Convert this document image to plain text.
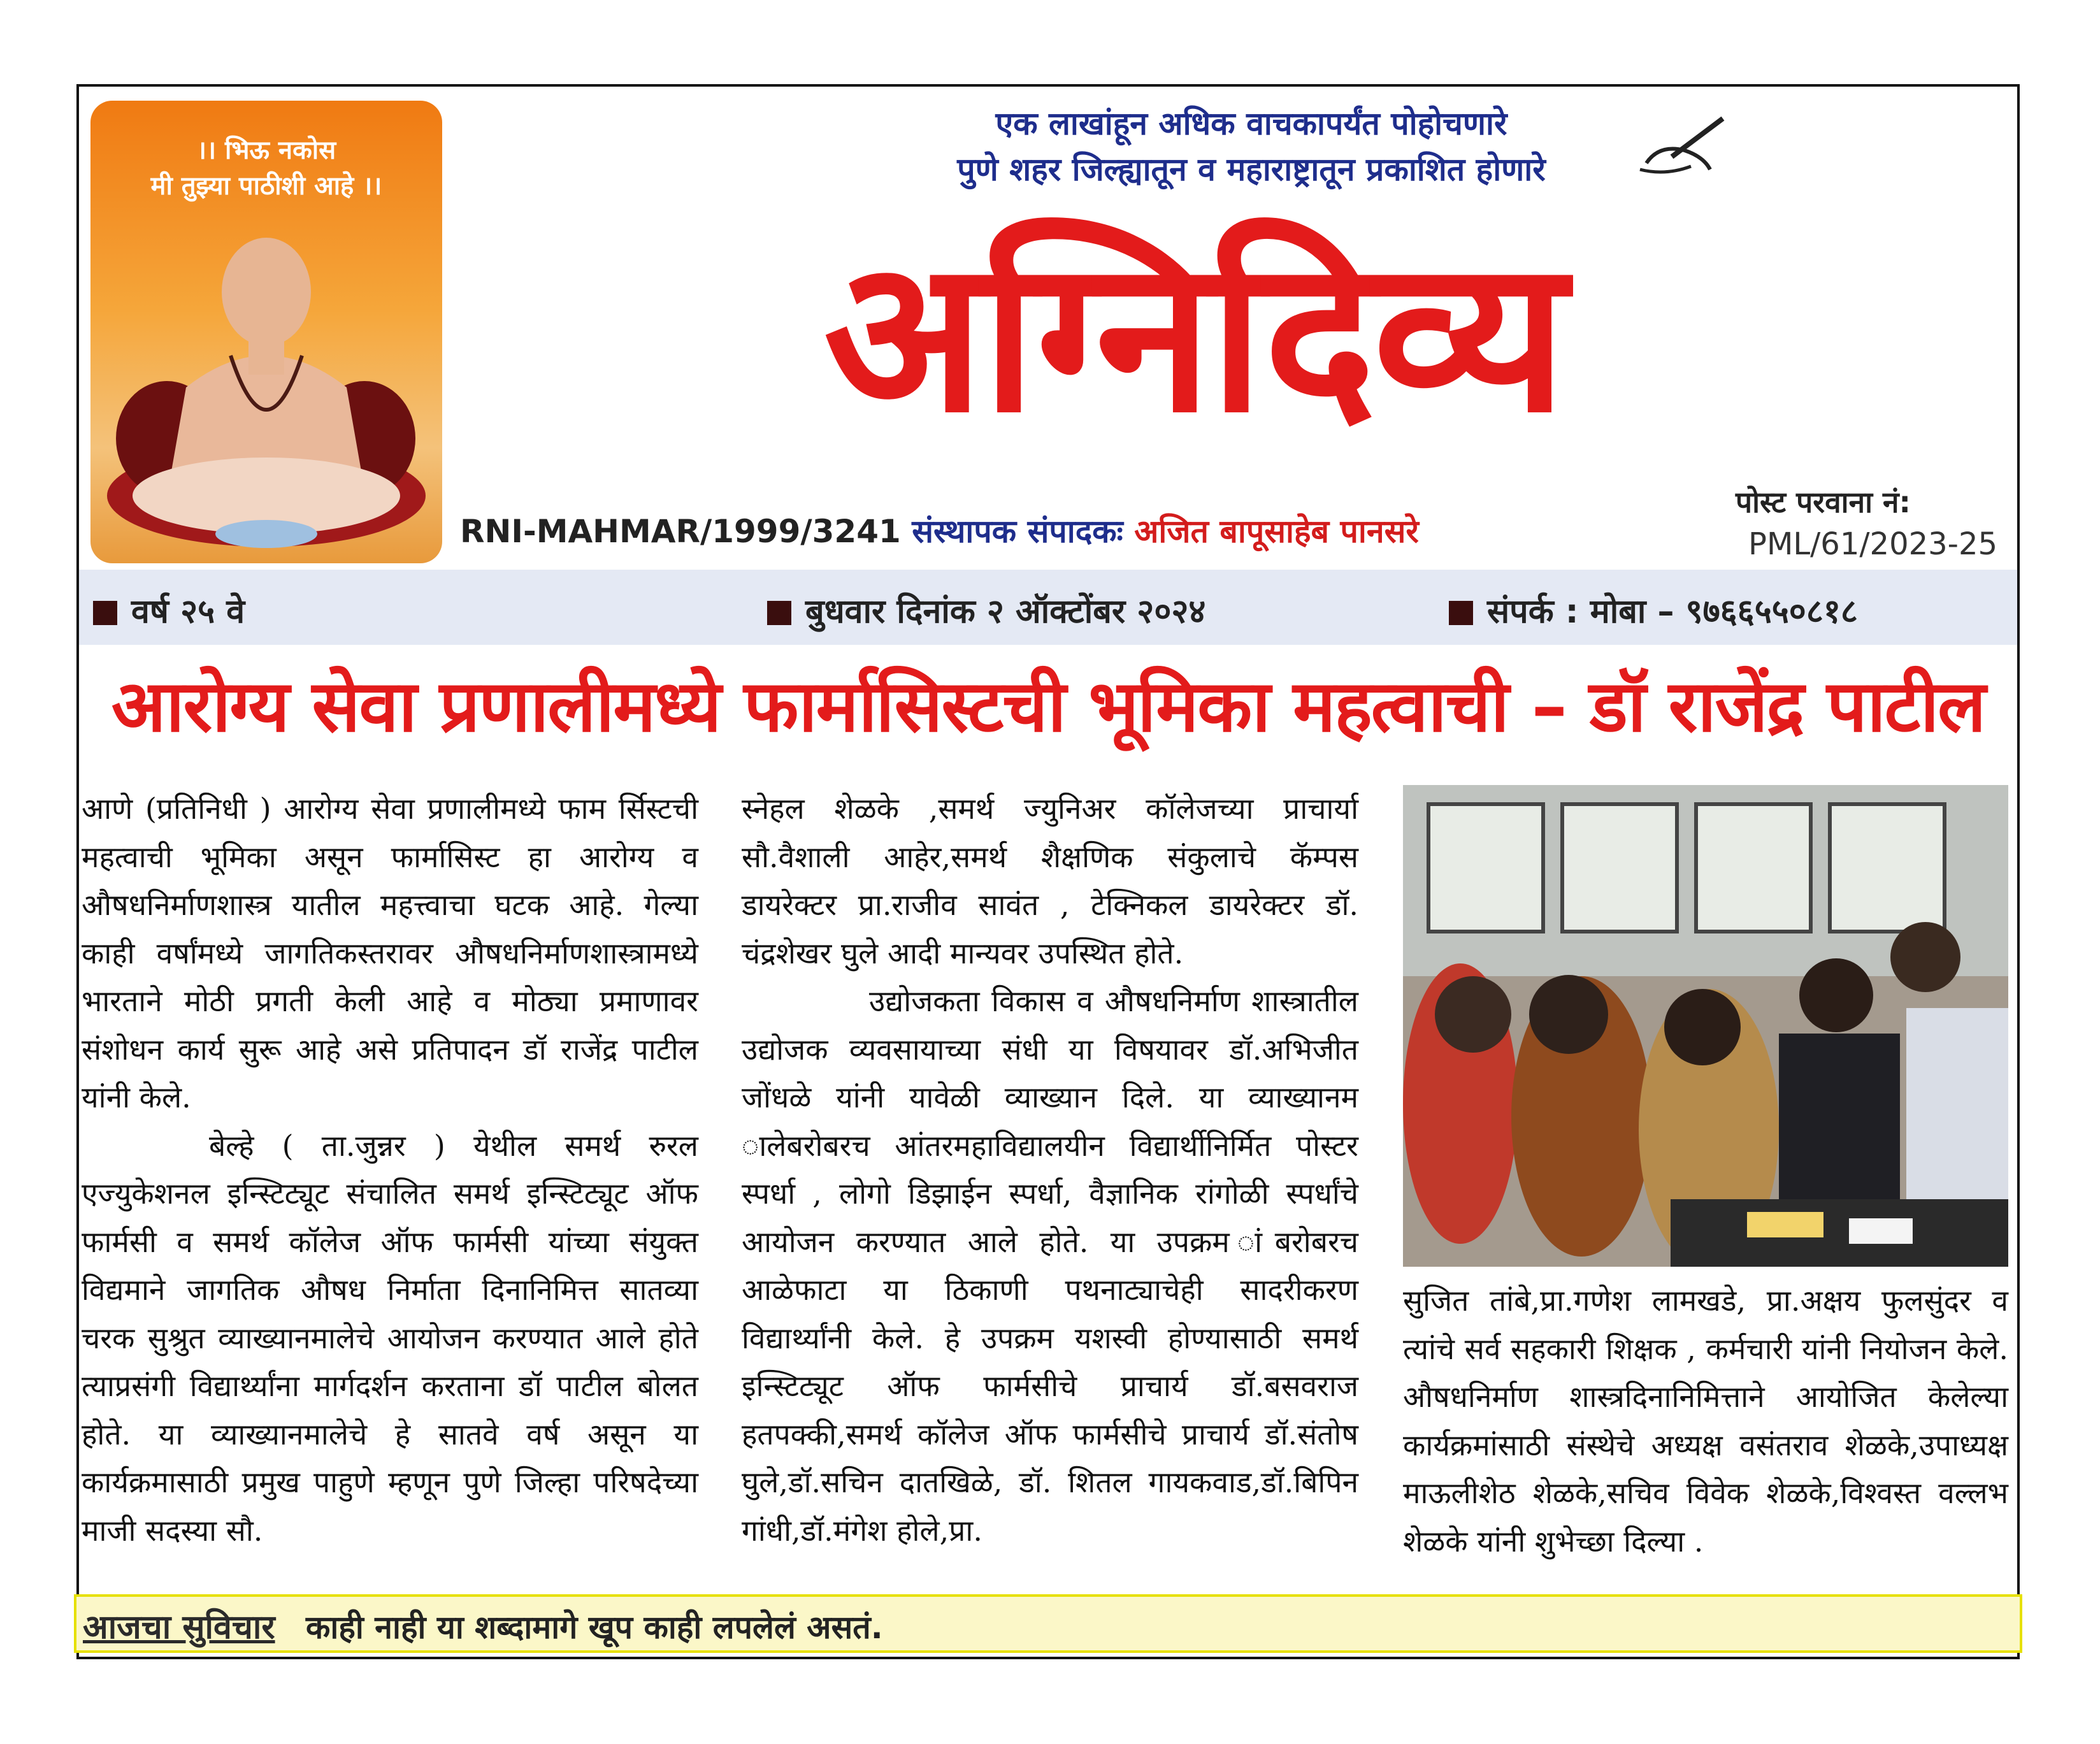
।। भिऊ नकोस
मी तुझ्या पाठीशी आहे ।।
एक लाखांहून अधिक वाचकापर्यंत पोहोचणारे
पुणे शहर जिल्ह्यातून व महाराष्ट्रातून प्रकाशित होणारे
अग्निदिव्य
RNI-MAHMAR/1999/3241 संस्थापक संपादकः अजित बापूसाहेब पानसरे
पोस्ट परवाना नं:
PML/61/2023-25
वर्ष २५ वे	बुधवार दिनांक २ ऑक्टोंबर २०२४	संपर्क : मोबा – ९७६६५५०८१८
आरोग्य सेवा प्रणालीमध्ये फार्मासिस्टची भूमिका महत्वाची – डॉ राजेंद्र पाटील

आणे (प्रतिनिधी ) आरोग्य सेवा प्रणालीमध्ये फाम र्सिस्टची महत्वाची भूमिका असून फार्मासिस्ट हा आरोग्य व औषधनिर्माणशास्त्र यातील महत्त्वाचा घटक आहे. गेल्या काही वर्षांमध्ये जागतिकस्तरावर औषधनिर्माणशास्त्रामध्ये भारताने मोठी प्रगती केली आहे व मोठ्या प्रमाणावर संशोधन कार्य सुरू आहे असे प्रतिपादन डॉ राजेंद्र पाटील यांनी केले.

बेल्हे ( ता.जुन्नर ) येथील समर्थ रुरल एज्युकेशनल इन्स्टिट्यूट संचालित समर्थ इन्स्टिट्यूट ऑफ फार्मसी व समर्थ कॉलेज ऑफ फार्मसी यांच्या संयुक्त विद्यमाने जागतिक औषध निर्माता दिनानिमित्त सातव्या चरक सुश्रुत व्याख्यानमालेचे आयोजन करण्यात आले होते त्याप्रसंगी विद्यार्थ्यांना मार्गदर्शन करताना डॉ पाटील बोलत होते. या व्याख्यानमालेचे हे सातवे वर्ष असून या कार्यक्रमासाठी प्रमुख पाहुणे म्हणून पुणे जिल्हा परिषदेच्या माजी सदस्या सौ.

स्नेहल शेळके ,समर्थ ज्युनिअर कॉलेजच्या प्राचार्या सौ.वैशाली आहेर,समर्थ शैक्षणिक संकुलाचे कॅम्पस डायरेक्टर प्रा.राजीव सावंत , टेक्निकल डायरेक्टर डॉ. चंद्रशेखर घुले आदी मान्यवर उपस्थित होते.

उद्योजकता विकास व औषधनिर्माण शास्त्रातील उद्योजक व्यवसायाच्या संधी या विषयावर डॉ.अभिजीत जोंधळे यांनी यावेळी व्याख्यान दिले. या व्याख्यानम ालेबरोबरच आंतरमहाविद्यालयीन विद्यार्थीनिर्मित पोस्टर स्पर्धा , लोगो डिझाईन स्पर्धा, वैज्ञानिक रांगोळी स्पर्धांचे आयोजन करण्यात आले होते. या उपक्रम ांबरोबरच आळेफाटा या ठिकाणी पथनाट्याचेही सादरीकरण विद्यार्थ्यांनी केले. हे उपक्रम यशस्वी होण्यासाठी समर्थ इन्स्टिट्यूट ऑफ फार्मसीचे प्राचार्य डॉ.बसवराज हतपक्की,समर्थ कॉलेज ऑफ फार्मसीचे प्राचार्य डॉ.संतोष घुले,डॉ.सचिन दातखिळे, डॉ. शितल गायकवाड,डॉ.बिपिन गांधी,डॉ.मंगेश होले,प्रा.

सुजित तांबे,प्रा.गणेश लामखडे, प्रा.अक्षय फुलसुंदर व त्यांचे सर्व सहकारी शिक्षक , कर्मचारी यांनी नियोजन केले. औषधनिर्माण शास्त्रदिनानिमित्ताने आयोजित केलेल्या कार्यक्रमांसाठी संस्थेचे अध्यक्ष वसंतराव शेळके,उपाध्यक्ष माऊलीशेठ शेळके,सचिव विवेक शेळके,विश्वस्त वल्लभ शेळके यांनी शुभेच्छा दिल्या .

आजचा सुविचार काही नाही या शब्दामागे खूप काही लपलेलं असतं.
